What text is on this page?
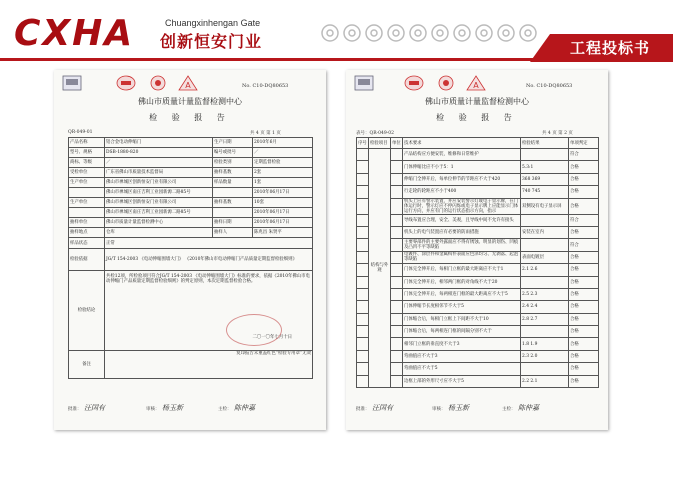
CXHA	Chuangxinhengan Gate
创新恒安门业	工程投标书
A	No. C10-DQ80653
佛山市质量计量监督检测中心
检 验 报 告
QR-049-01	共 4 页 第 1 页
产品名称	铝合金电动伸缩门	生产日期	2010年6月
型号、规格	DSB-1880-820	编号或批号	／
商标、等级	／	检验类别	定期监督检验
受检单位	广东省佛山市质量技术监督局	抽样基数	2套
生产单位	佛山市禅城区创新恒安门业有限公司	样品数量	1套
	佛山市禅城区南庄吉利工业园新源二路85号		2010年06月17日
生产单位	佛山市禅城区创新恒安门业有限公司	抽样基数	10套
	佛山市禅城区南庄吉利工业园新源二路85号		2010年06月17日
抽样单位	佛山市质量计量监督检测中心	抽样日期	2010年06月17日
抽样地点	仓库	抽样人	陈兆昌 朱贤平
样品状态	正常		
检验依据	JG/T 154-2003 《电动伸缩围墙大门》 《2010年佛山市电动伸缩门产品质量定期监督检验细则》		
检验结论	共检12项，所检验项目符合JG/T 154-2003 《电动伸缩围墙大门》标准的要求，依据《2010年佛山市电动伸缩门产品质量定期监督检验细则》的判定原则，本次定期监督检验合格。
二〇一〇年七月十日		

备注	复印报告未重盖红色“检验专用章”无效		
批准： 汪国有	审核： 杨玉新	主检： 陈仲嘉
A	No. C10-DQ80653
佛山市质量计量监督检测中心
检 验 报 告
表号：QR-049-02	共 4 页 第 2 页
序号	检验项目	单位	技术要求	检验结果	单项判定
	结构与外观		产品结构应方便安装，维修和日常维护		符合
			门体伸缩比应不小于5：1	5.3:1	合格
			伸缩门全伸开后，每单位伸节的节距应不大于420	368 369	合格
			行走轮的轮距应不小于400	740 745	合格
			机头上应有警示装置，并应安装警示灯或电子显示牌，在门体运行时，警示灯应不停闪烁或电子显示牌上应能显示门体运行方向，并应有门的运行状态指示方向，指示	双侧设有电子显示屏	合格
			导线布置应合理，安全、美观，且导线中间不允许有接头		符合
			机头上的电气装置应有必要的防雨措施	安装在室内	合格
			主要零部件的主要外露面应不得有锈蚀、明显的划伤、凹痕及凸凹不平等缺陷		符合
			电镀件、涂层件和金属构件表面应色泽均匀、无剥落、起泡等缺陷	表面电镀层	合格
			门体完全伸开后，每相门立框的最大距离应不大于1	2.1 2.6	合格
			门体完全伸开后，相邻两门框的对角线不大于20		合格
			门体完全伸开后，每两相连门框的最大距离应不大于5	2.5 2.3	合格
			门体伸缩节长度相邻节不大于5	2.4 2.4	合格
			门体缩合后，每相门立框上下间距不大于10	2.8 2.7	合格
			门体缩合后，每两相连门框的间隔分别不大于		合格
			相邻门立框的垂直度不大于3	1.8 1.9	合格
			弯曲值应不大于3	2.3 2.0	合格
			弯曲值应不大于5		合格
			边框上部的外形尺寸应不大于5	2.2 2.1	合格
批准： 汪国有	审核： 杨玉新	主检： 陈仲嘉
